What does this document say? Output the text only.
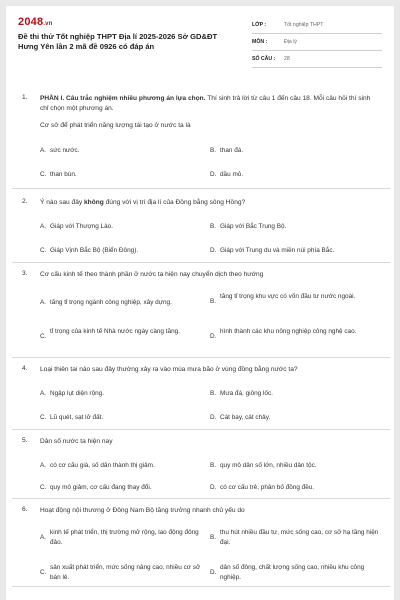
2048.vn
Đề thi thử Tốt nghiệp THPT Địa lí 2025-2026 Sở GD&ĐT Hưng Yên lần 2 mã đề 0926 có đáp án
LỚP :	Tốt nghiệp THPT
MÔN :	Địa lý
SỐ CÂU :	28
1. PHẦN I. Câu trắc nghiệm nhiều phương án lựa chọn. Thí sinh trả lời từ câu 1 đến câu 18. Mỗi câu hỏi thí sinh chỉ chọn một phương án.
Cơ sở để phát triển năng lượng tái tạo ở nước ta là
A. sức nước.	B. than đá.
C. than bùn.	D. dầu mỏ.
2. Ý nào sau đây không đúng với vị trí địa lí của Đồng bằng sông Hồng?
A. Giáp với Thượng Lào.	B. Giáp với Bắc Trung Bộ.
C. Giáp Vịnh Bắc Bộ (Biển Đông).	D. Giáp với Trung du và miền núi phía Bắc.
3. Cơ cấu kinh tế theo thành phần ở nước ta hiện nay chuyển dịch theo hướng
A. tăng tỉ trọng ngành công nghiệp, xây dựng.	B.
tăng tỉ trọng khu vực có vốn đầu tư nước ngoài.
C.
tỉ trọng của kinh tế Nhà nước ngày càng tăng.
D.
hình thành các khu nông nghiệp công nghệ cao.
4. Loại thiên tai nào sau đây thường xảy ra vào mùa mưa bão ở vùng đồng bằng nước ta?
A. Ngập lụt diện rộng.	B. Mưa đá, giông lốc.
C. Lũ quét, sạt lở đất.	D. Cát bay, cát chảy.
5. Dân số nước ta hiện nay
A. có cơ cấu già, số dân thành thị giảm.	B. quy mô dân số lớn, nhiều dân tộc.
C. quy mô giảm, cơ cấu đang thay đổi.	D. có cơ cấu trẻ, phân bố đồng đều.
6. Hoạt động nội thương ở Đông Nam Bộ tăng trưởng nhanh chủ yếu do
A.
kinh tế phát triển, thị trường mở rộng, lao động đông đảo.
B.
thu hút nhiều đầu tư, mức sống cao, cơ sở hạ tầng hiện đại.
C.
sản xuất phát triển, mức sống nâng cao, nhiều cơ sở bán lẻ.
D.
dân số đông, chất lượng sống cao, nhiều khu công nghiệp.
